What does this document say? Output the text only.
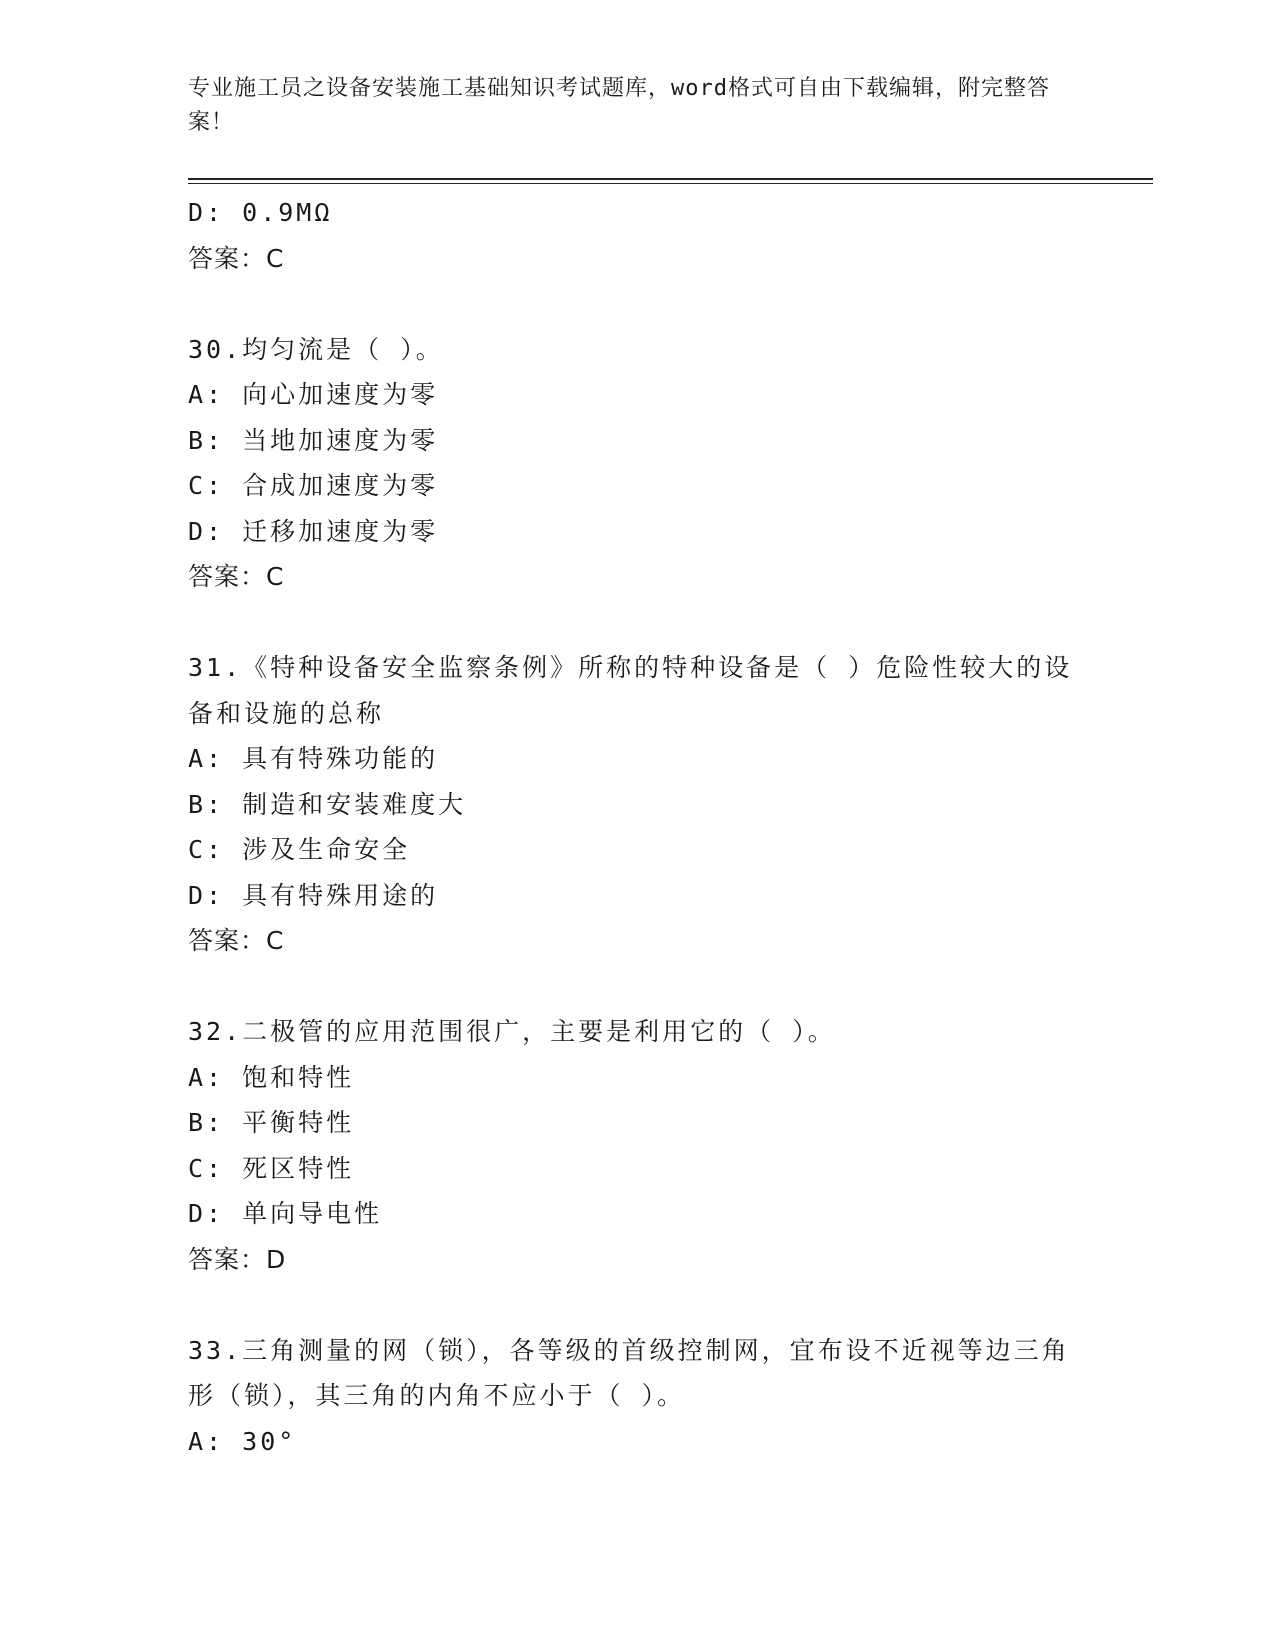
专业施工员之设备安装施工基础知识考试题库，word格式可自由下载编辑，附完整答案！
D: 0.9MΩ
答案：C
30.均匀流是（ ）。
A: 向心加速度为零
B: 当地加速度为零
C: 合成加速度为零
D: 迁移加速度为零
答案：C
31.《特种设备安全监察条例》所称的特种设备是（ ）危险性较大的设备和设施的总称
A: 具有特殊功能的
B: 制造和安装难度大
C: 涉及生命安全
D: 具有特殊用途的
答案：C
32.二极管的应用范围很广，主要是利用它的（ ）。
A: 饱和特性
B: 平衡特性
C: 死区特性
D: 单向导电性
答案：D
33.三角测量的网（锁），各等级的首级控制网，宜布设不近视等边三角形（锁），其三角的内角不应小于（ ）。
A: 30°
